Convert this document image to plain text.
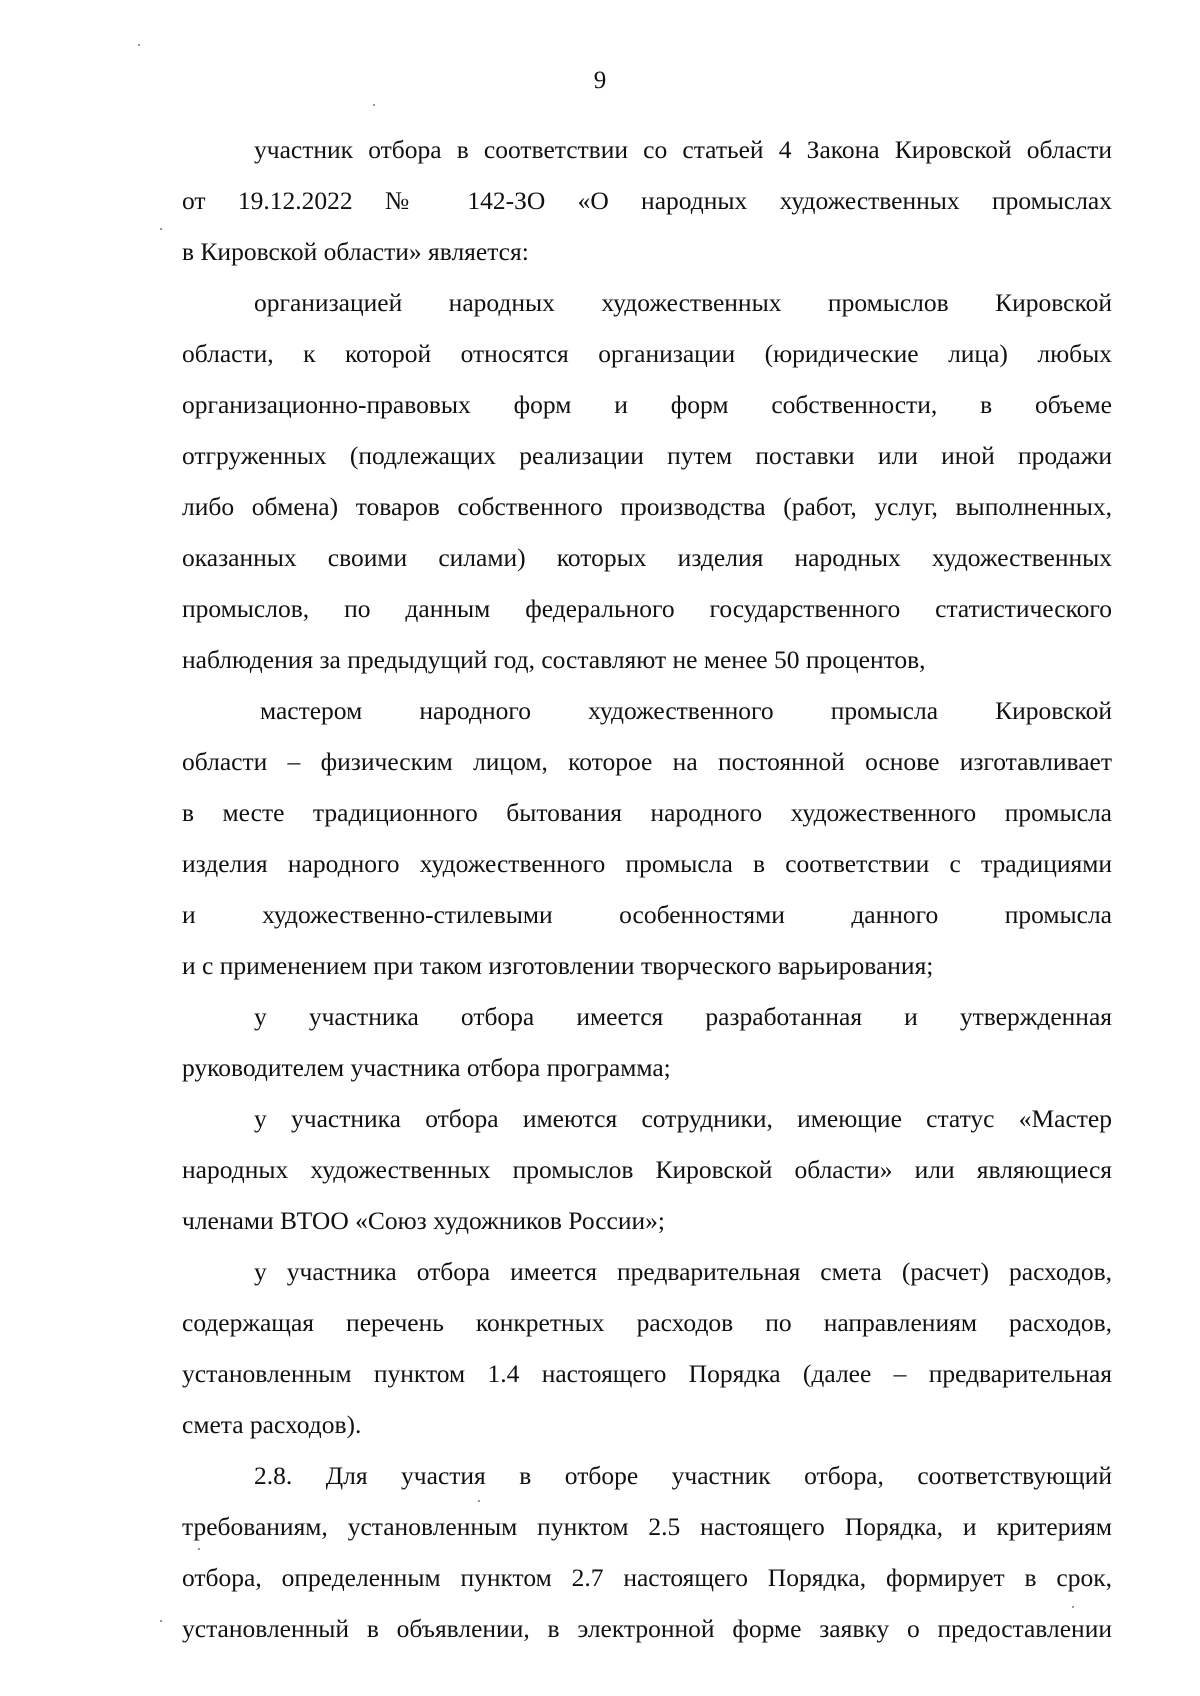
9

участник отбора в соответствии со статьей 4 Закона Кировской области
от 19.12.2022 № 142-ЗО «О народных художественных промыслах
в Кировской области» является:

организацией народных художественных промыслов Кировской
области, к которой относятся организации (юридические лица) любых
организационно-правовых форм и форм собственности, в объеме
отгруженных (подлежащих реализации путем поставки или иной продажи
либо обмена) товаров собственного производства (работ, услуг, выполненных,
оказанных своими силами) которых изделия народных художественных
промыслов, по данным федерального государственного статистического
наблюдения за предыдущий год, составляют не менее 50 процентов,

мастером народного художественного промысла Кировской
области – физическим лицом, которое на постоянной основе изготавливает
в месте традиционного бытования народного художественного промысла
изделия народного художественного промысла в соответствии с традициями
и художественно-стилевыми особенностями данного промысла
и с применением при таком изготовлении творческого варьирования;

у участника отбора имеется разработанная и утвержденная
руководителем участника отбора программа;

у участника отбора имеются сотрудники, имеющие статус «Мастер
народных художественных промыслов Кировской области» или являющиеся
членами ВТОО «Союз художников России»;

у участника отбора имеется предварительная смета (расчет) расходов,
содержащая перечень конкретных расходов по направлениям расходов,
установленным пунктом 1.4 настоящего Порядка (далее – предварительная
смета расходов).

2.8. Для участия в отборе участник отбора, соответствующий
требованиям, установленным пунктом 2.5 настоящего Порядка, и критериям
отбора, определенным пунктом 2.7 настоящего Порядка, формирует в срок,
установленный в объявлении, в электронной форме заявку о предоставлении
